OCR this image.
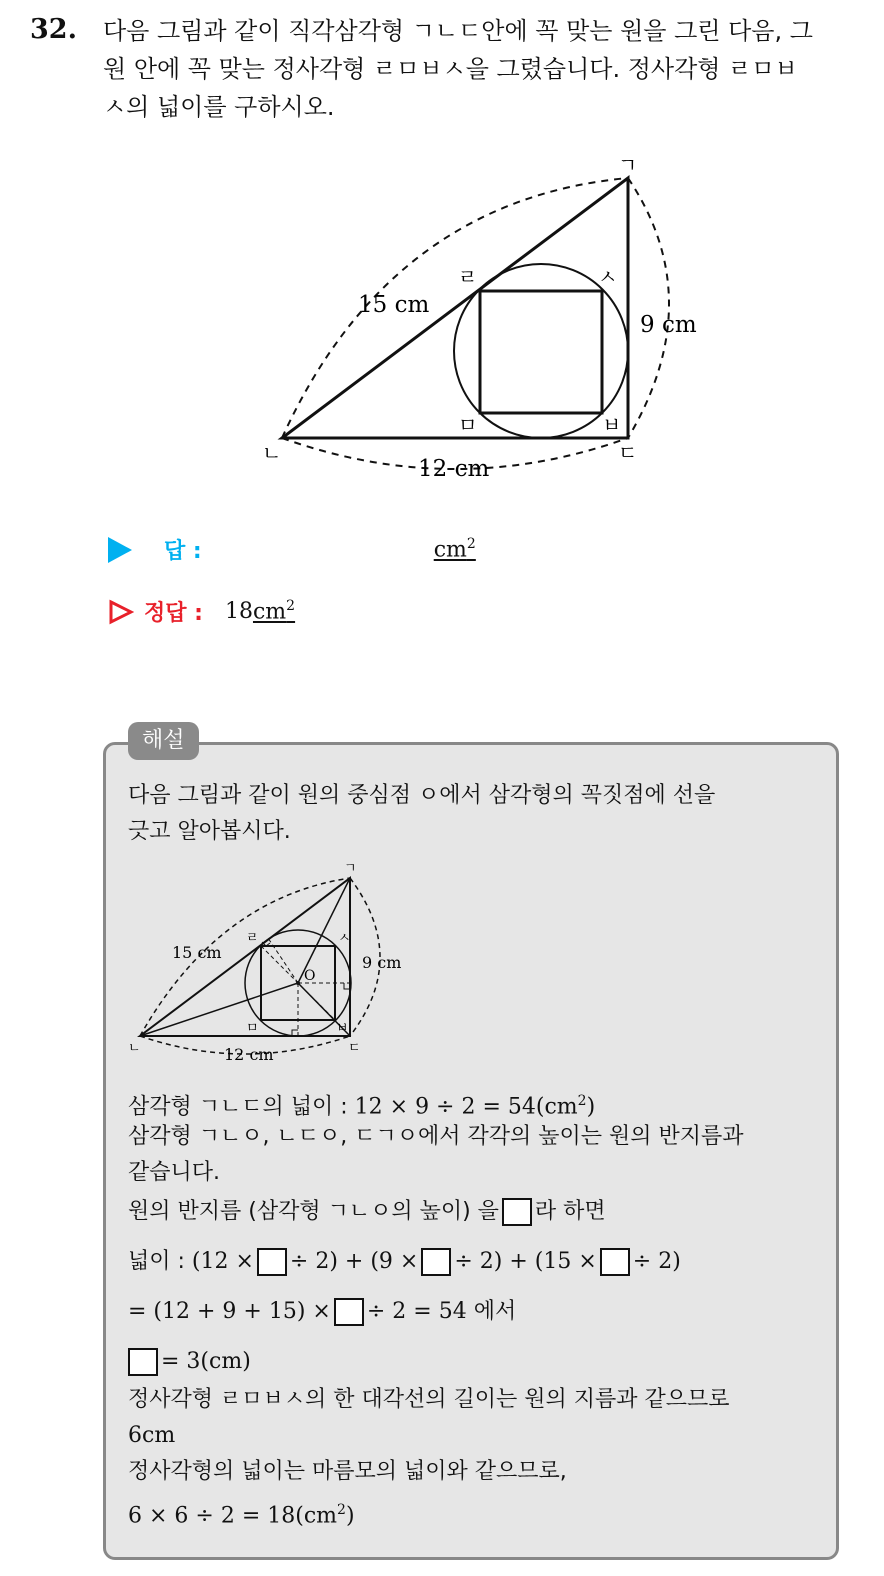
32. 다음 그림과 같이 직각삼각형 ㄱㄴㄷ안에 꼭 맞는 원을 그린 다음, 그
원 안에 꼭 맞는 정사각형 ㄹㅁㅂㅅ을 그렸습니다. 정사각형 ㄹㅁㅂ
ㅅ의 넓이를 구하시오.
ㄱ
ㄴ	ㄷ
ㄹ
ㅁ	ㅂ
ㅅ
15 cm
9 cm
12 cm
답 :	$cm^2$
정답 : 18 $cm^2$
해설
다음 그림과 같이 원의 중심점 ㅇ에서 삼각형의 꼭짓점에 선을
긋고 알아봅시다.
ㄱ
ㄴ	ㄷ
ㄹ
ㅁ	ㅂ
ㅅ
O
15 cm
9 cm
12 cm
삼각형 ㄱㄴㄷ의 넓이 : $12 \times 9 \div 2 = 54(cm^2)$
삼각형 ㄱㄴㅇ, ㄴㄷㅇ, ㄷㄱㅇ에서 각각의 높이는 원의 반지름과
같습니다.
원의 반지름 (삼각형 ㄱㄴㅇ의 높이) 을 라 하면
넓이 : (12 × ÷ 2) + (9 × ÷ 2) + (15 × ÷ 2)
= (12 + 9 + 15) × ÷ 2 = 54 에서
= 3(cm)
정사각형 ㄹㅁㅂㅅ의 한 대각선의 길이는 원의 지름과 같으므로
6cm
정사각형의 넓이는 마름모의 넓이와 같으므로,
$6 \times 6 \div 2 = 18(cm^2)$
